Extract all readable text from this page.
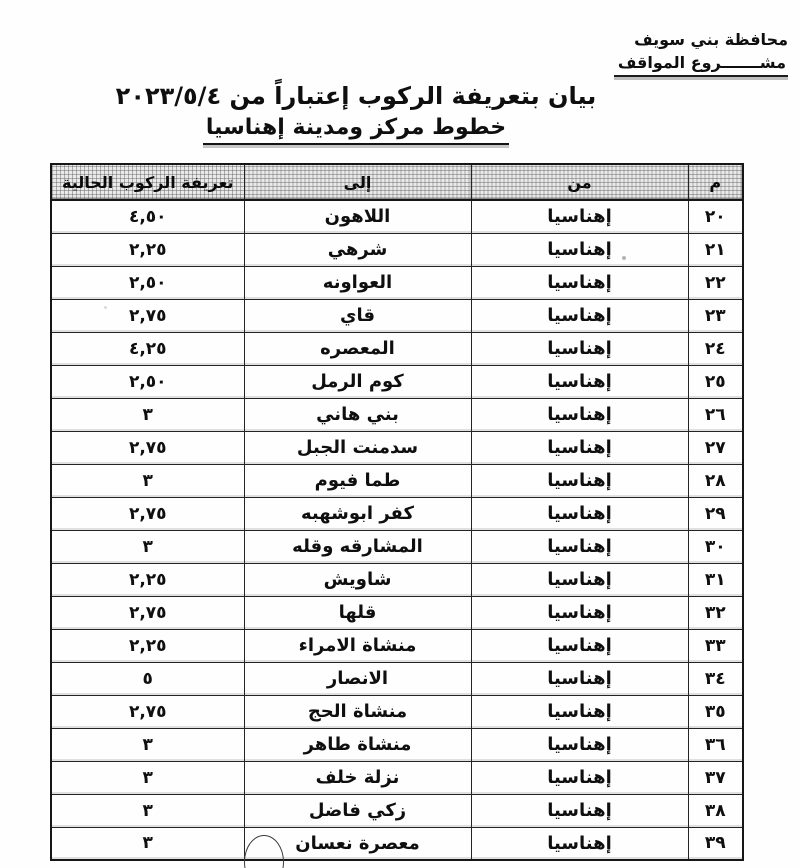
محافظة بني سويف
مشـــــــروع المواقف
بيان بتعريفة الركوب إعتباراً من ٢٠٢٣/٥/٤
خطوط مركز ومدينة إهناسيا
م	من	إلى	تعريفة الركوب الحالية
٢٠	إهناسيا	اللاهون	٤,٥٠
٢١	إهناسيا	شرهي	٢,٢٥
٢٢	إهناسيا	العواونه	٢,٥٠
٢٣	إهناسيا	قاي	٢,٧٥
٢٤	إهناسيا	المعصره	٤,٢٥
٢٥	إهناسيا	كوم الرمل	٢,٥٠
٢٦	إهناسيا	بني هاني	٣
٢٧	إهناسيا	سدمنت الجبل	٢,٧٥
٢٨	إهناسيا	طما فيوم	٣
٢٩	إهناسيا	كفر ابوشهبه	٢,٧٥
٣٠	إهناسيا	المشارقه وقله	٣
٣١	إهناسيا	شاويش	٢,٢٥
٣٢	إهناسيا	قلها	٢,٧٥
٣٣	إهناسيا	منشاة الامراء	٢,٢٥
٣٤	إهناسيا	الانصار	٥
٣٥	إهناسيا	منشاة الحج	٢,٧٥
٣٦	إهناسيا	منشاة طاهر	٣
٣٧	إهناسيا	نزلة خلف	٣
٣٨	إهناسيا	زكي فاضل	٣
٣٩	إهناسيا	معصرة نعسان	٣
